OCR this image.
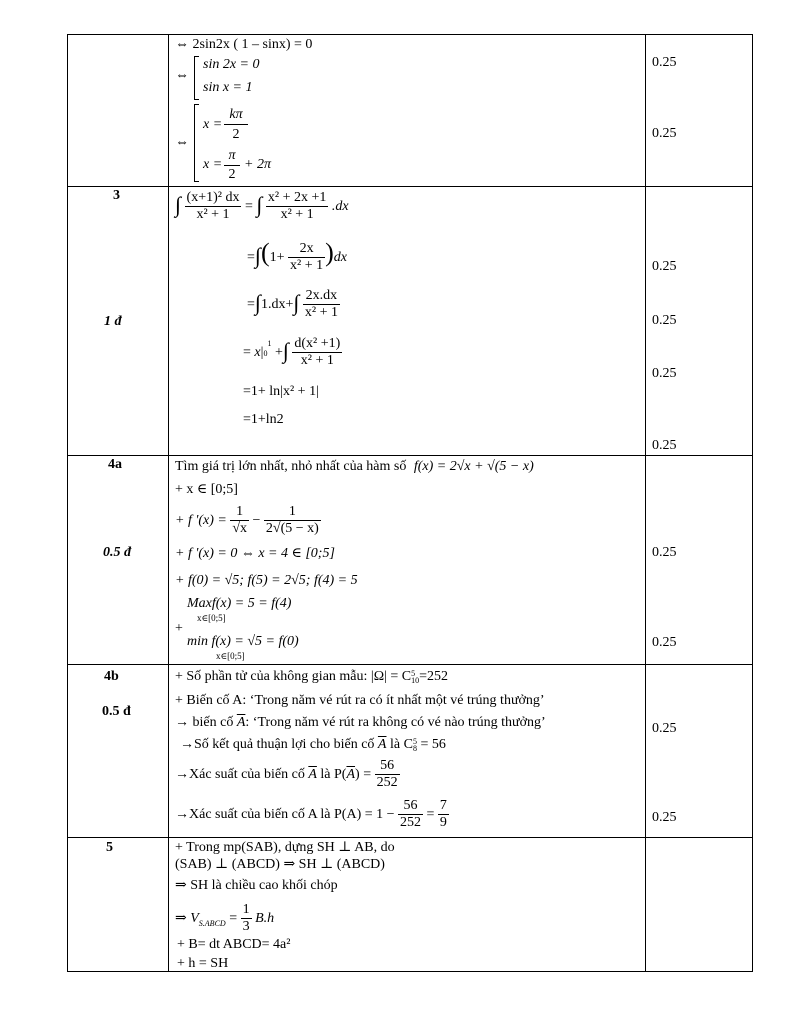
⇔ 2sin2x ( 1 – sinx) = 0
⇔
sin 2x = 0
sin x = 1
⇔
x =
kπ
2
x =
π
2
+ 2π
0.25
0.25
3
1 đ
∫ $\frac{\text{(x+1)² dx}}{\text{x² + 1}}$ = ∫ $\frac{\text{x² + 2x +1}}{\text{x² + 1}} .dx$
$=\int(1+ \frac{2x}{\text{x² + 1}} )dx$
$=\int 1.dx+\int \frac{2x.dx}{\text{x² + 1}}$
= $x|0^1$ +∫ $\frac{\text{d(x² +1)}}{\text{x² + 1}}$
=1+ ln|x² + 1|
=1+ln2
0.25
0.25
0.25
0.25
4a
0.5 đ
Tìm giá trị lớn nhất, nhỏ nhất của hàm số f(x) = 2√x + √(5 − x)
+ x ∈ [0;5]
+ f '$(x) = \frac{1}{√x} - \frac{1}{2√(5 - x)}$
+ f '(x) = 0 ⇔ x = 4 ∈ [0;5]
+ f(0) = √5; f(5) = 2√5; f(4) = 5
Maxf(x) = 5 = f(4)
x∈[0;5]
+
min f(x) = √5 = f(0)
x∈[0;5]
0.25
0.25
4b
0.5 đ
+ Số phần tử của không gian mẫu: |Ω| = C 5
10 =252
+ Biến cố A: ‘Trong năm vé rút ra có ít nhất một vé trúng thưởng’
→ biến cố $\overline{A}$: ‘Trong năm vé rút ra không có vé nào trúng thưởng’
→Số kết quả thuận lợi cho biến cố $\overline{A}$ là C 5
8 = 56
→Xác suất của biến cố $\overline{A}$ là $P(\overline{A}) = \frac{56}{252}$
→Xác suất của biến cố A là $P(A) = 1 - \frac{56}{252} = \frac{7}{9}$
0.25
0.25
5	+ Trong mp(SAB), dựng SH ⊥ AB, do
(SAB) ⊥ (ABCD) ⇒ SH ⊥ (ABCD)
⇒ SH là chiều cao khối chóp
⇒ $V_{S.ABCD} = \frac{1}{3} B.h$
+ B= dt ABCD= 4a²
+ h = SH
